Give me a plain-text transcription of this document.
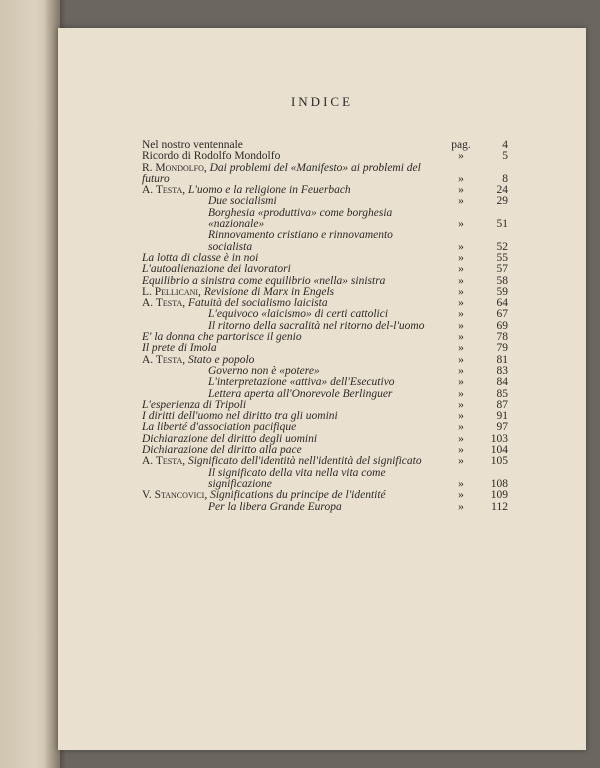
INDICE
Nel nostro ventennale	pag.	4
Ricordo di Rodolfo Mondolfo	»	5
R. Mondolfo, Dai problemi del «Manifesto» ai problemi del futuro	»	8
A. Testa, L'uomo e la religione in Feuerbach	»	24
Due socialismi	»	29
Borghesia «produttiva» come borghesia «nazionale»	»	51
Rinnovamento cristiano e rinnovamento socialista	»	52
La lotta di classe è in noi	»	55
L'autoalienazione dei lavoratori	»	57
Equilibrio a sinistra come equilibrio «nella» sinistra	»	58
L. Pellicani, Revisione di Marx in Engels	»	59
A. Testa, Fatuità del socialismo laicista	»	64
L'equivoco «laicismo» di certi cattolici	»	67
Il ritorno della sacralità nel ritorno del-l'uomo	»	69
E' la donna che partorisce il genio	»	78
Il prete di Imola	»	79
A. Testa, Stato e popolo	»	81
Governo non è «potere»	»	83
L'interpretazione «attiva» dell'Esecutivo	»	84
Lettera aperta all'Onorevole Berlinguer	»	85
L'esperienza di Tripoli	»	87
I diritti dell'uomo nel diritto tra gli uomini	»	91
La liberté d'association pacifique	»	97
Dichiarazione del diritto degli uomini	»	103
Dichiarazione del diritto alla pace	»	104
A. Testa, Significato dell'identità nell'identità del significato	»	105
Il significato della vita nella vita come significazione	»	108
V. Stancovici, Significations du principe de l'identité	»	109
Per la libera Grande Europa	»	112
